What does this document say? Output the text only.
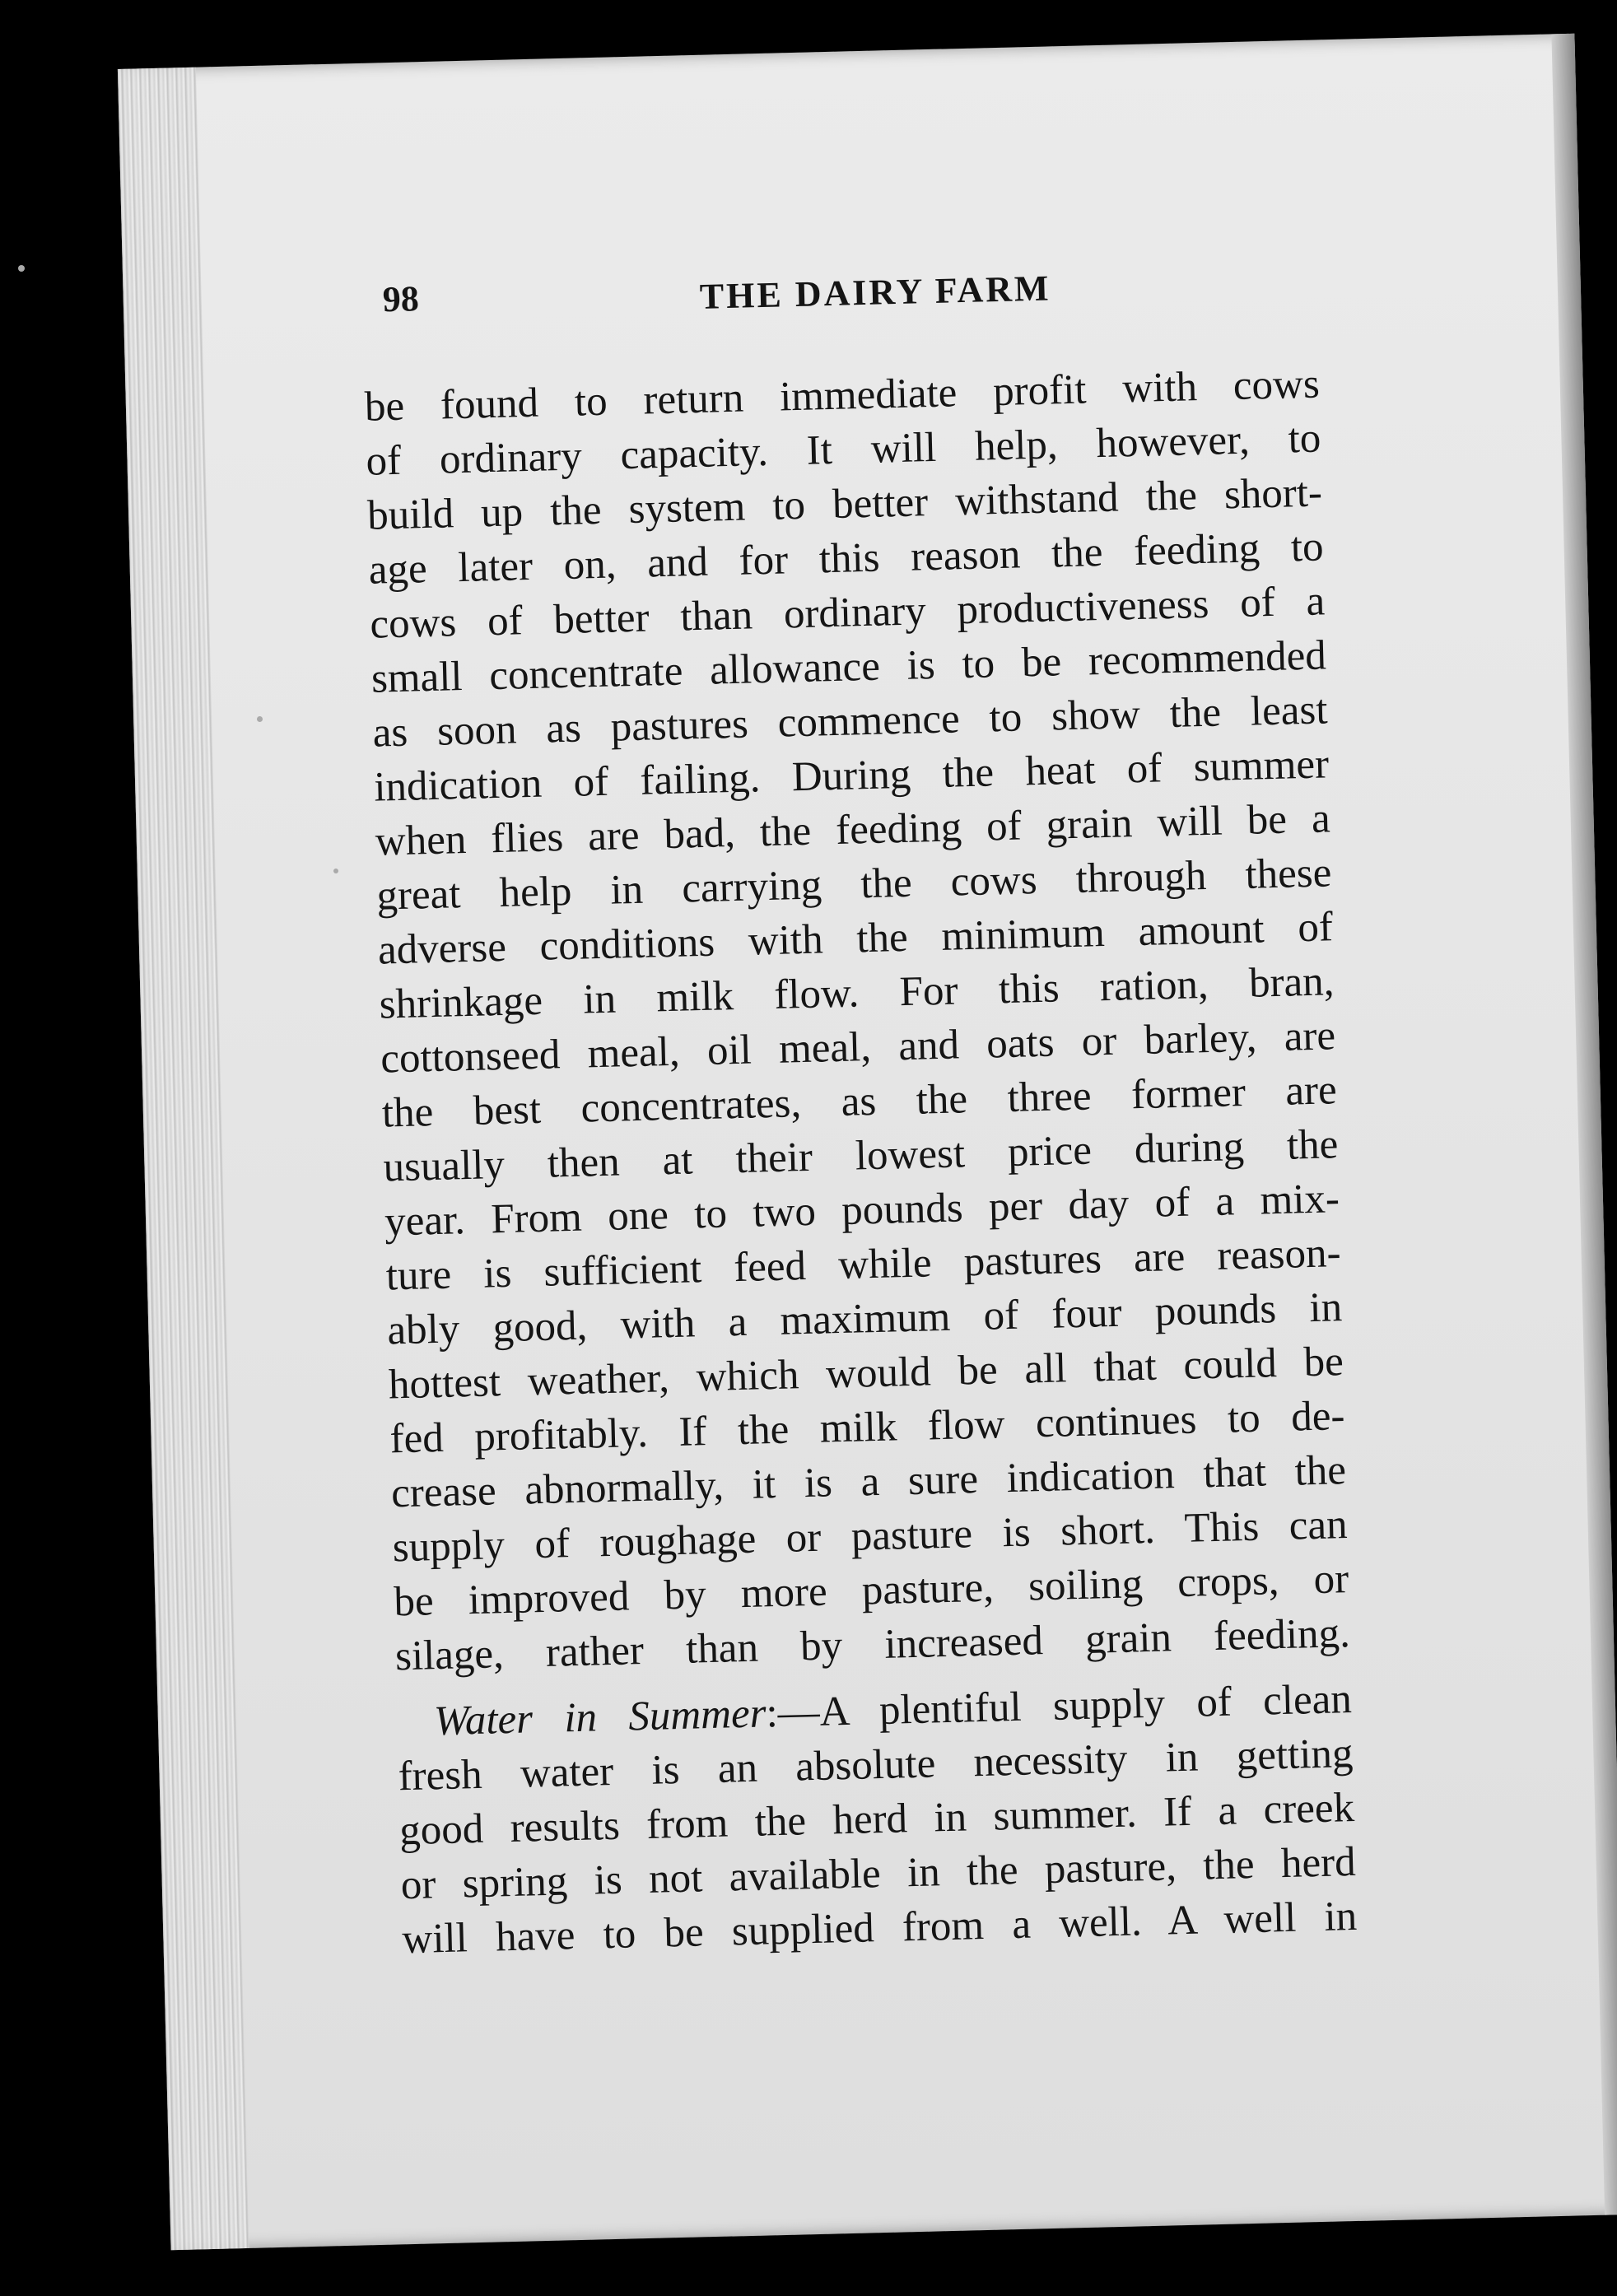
98	THE DAIRY FARM
be found to return immediate profit with cows
of ordinary capacity. It will help, however, to
build up the system to better withstand the short-
age later on, and for this reason the feeding to
cows of better than ordinary productiveness of a
small concentrate allowance is to be recommended
as soon as pastures commence to show the least
indication of failing. During the heat of summer
when flies are bad, the feeding of grain will be a
great help in carrying the cows through these
adverse conditions with the minimum amount of
shrinkage in milk flow. For this ration, bran,
cottonseed meal, oil meal, and oats or barley, are
the best concentrates, as the three former are
usually then at their lowest price during the
year. From one to two pounds per day of a mix-
ture is sufficient feed while pastures are reason-
ably good, with a maximum of four pounds in
hottest weather, which would be all that could be
fed profitably. If the milk flow continues to de-
crease abnormally, it is a sure indication that the
supply of roughage or pasture is short. This can
be improved by more pasture, soiling crops, or
silage, rather than by increased grain feeding.
Water in Summer:—A plentiful supply of clean
fresh water is an absolute necessity in getting
good results from the herd in summer. If a creek
or spring is not available in the pasture, the herd
will have to be supplied from a well. A well in
